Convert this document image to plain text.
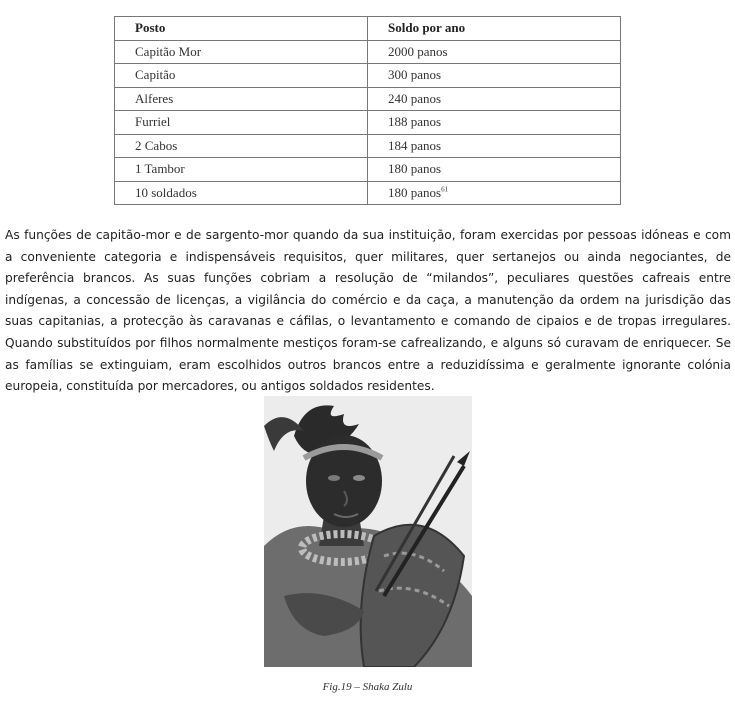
Posto	Soldo por ano
Capitão Mor	2000 panos
Capitão	300 panos
Alferes	240 panos
Furriel	188 panos
2 Cabos	184 panos
1 Tambor	180 panos
10 soldados	180 panos$^{61}$

As funções de capitão-mor e de sargento-mor quando da sua instituição, foram exercidas por pessoas idóneas e com a conveniente categoria e indispensáveis requisitos, quer militares, quer sertanejos ou ainda negociantes, de preferência brancos. As suas funções cobriam a resolução de “milandos”, peculiares questões cafreais entre indígenas, a concessão de licenças, a vigilância do comércio e da caça, a manutenção da ordem na jurisdição das suas capitanias, a protecção às caravanas e cáfilas, o levantamento e comando de cipaios e de tropas irregulares. Quando substituídos por filhos normalmente mestiços foram-se cafrealizando, e alguns só curavam de enriquecer. Se as famílias se extinguiam, eram escolhidos outros brancos entre a reduzidíssima e geralmente ignorante colónia europeia, constituída por mercadores, ou antigos soldados residentes.

Fig.19 – Shaka Zulu
